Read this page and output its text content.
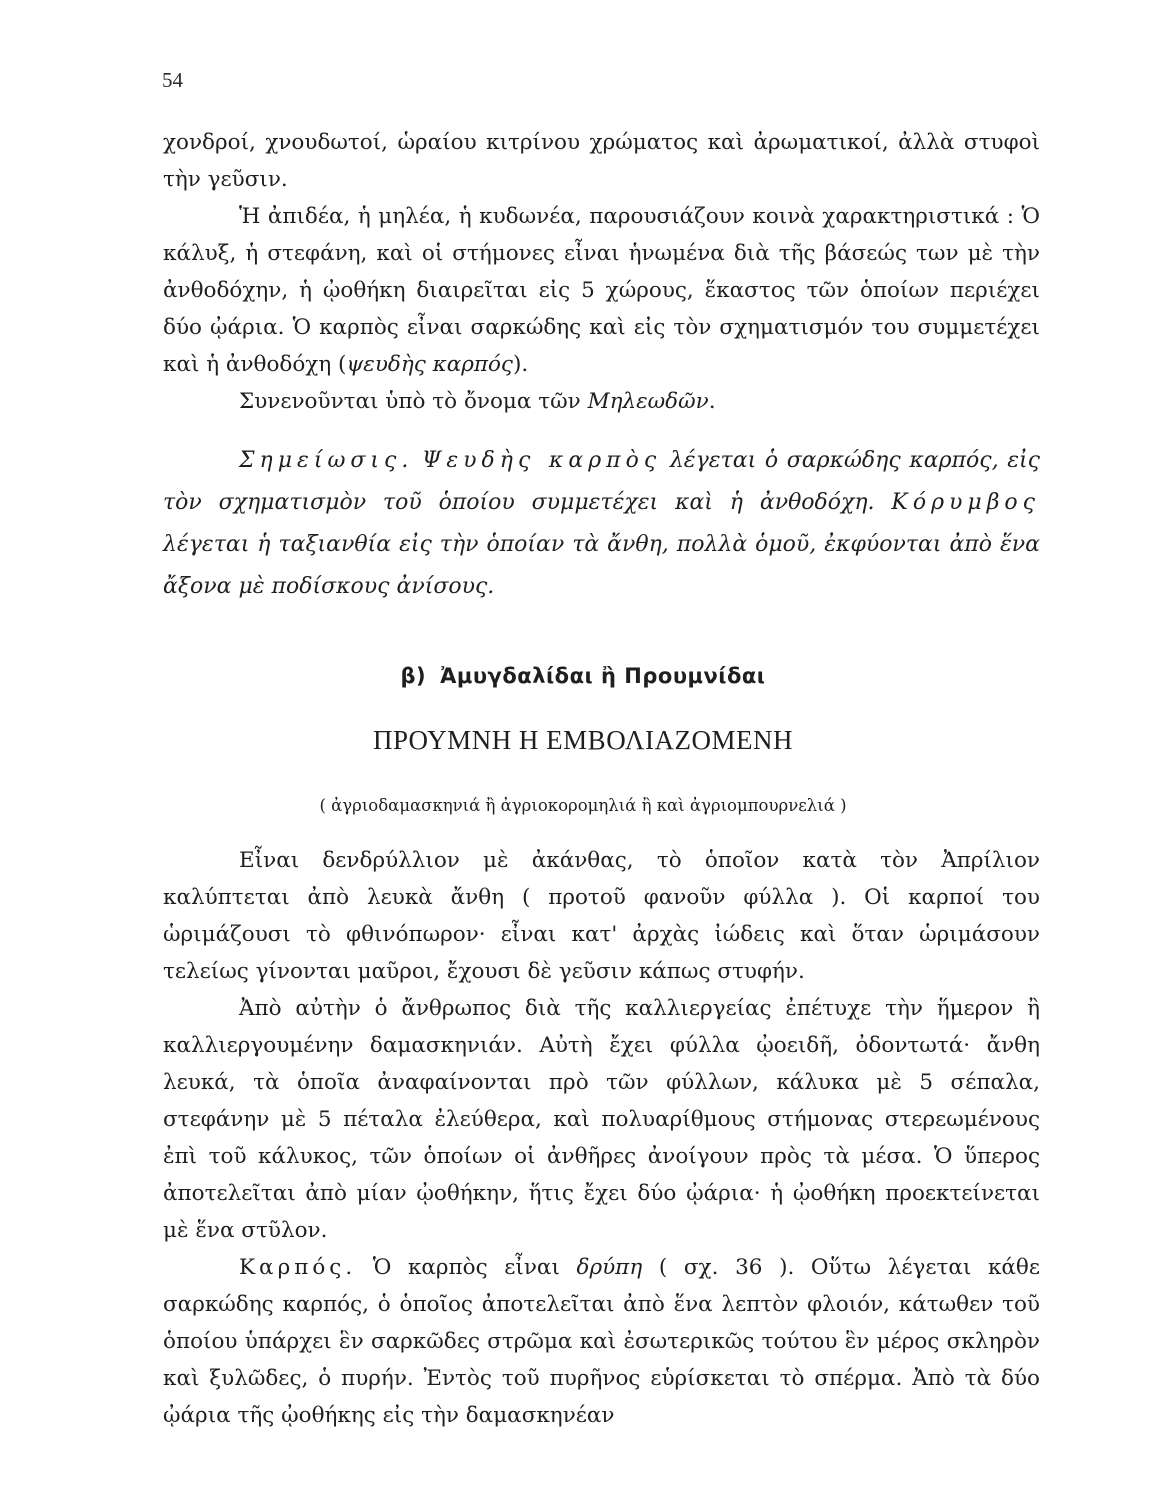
54

χονδροί, χνουδωτοί, ὡραίου κιτρίνου χρώματος καὶ ἀρωματικοί, ἀλλὰ στυφοὶ τὴν γεῦσιν.

Ἡ ἀπιδέα, ἡ μηλέα, ἡ κυδωνέα, παρουσιάζουν κοινὰ χαρακτηριστικά : Ὁ κάλυξ, ἡ στεφάνη, καὶ οἱ στήμονες εἶναι ἡνωμένα διὰ τῆς βάσεώς των μὲ τὴν ἀνθοδόχην, ἡ ᾠοθήκη διαιρεῖται εἰς 5 χώρους, ἕκαστος τῶν ὁποίων περιέχει δύο ᾠάρια. Ὁ καρπὸς εἶναι σαρκώδης καὶ εἰς τὸν σχηματισμόν του συμμετέχει καὶ ἡ ἀνθοδόχη (ψευδὴς καρπός).

Συνενοῦνται ὑπὸ τὸ ὄνομα τῶν Μηλεωδῶν.

Σημείωσις. Ψευδὴς καρπὸς λέγεται ὁ σαρκώδης καρπός, εἰς τὸν σχηματισμὸν τοῦ ὁποίου συμμετέχει καὶ ἡ ἀνθοδόχη. Κόρυμβος λέγεται ἡ ταξιανθία εἰς τὴν ὁποίαν τὰ ἄνθη, πολλὰ ὁμοῦ, ἐκφύονται ἀπὸ ἕνα ἄξονα μὲ ποδίσκους ἀνίσους.
β) Ἀμυγδαλίδαι ἢ Προυμνίδαι
ΠΡΟΥΜΝΗ Η ΕΜΒΟΛΙΑΖΟΜΕΝΗ
( ἀγριοδαμασκηνιά ἢ ἀγριοκορομηλιά ἢ καὶ ἀγριομπουρνελιά )

Εἶναι δενδρύλλιον μὲ ἀκάνθας, τὸ ὁποῖον κατὰ τὸν Ἀπρίλιον καλύπτεται ἀπὸ λευκὰ ἄνθη ( προτοῦ φανοῦν φύλλα ). Οἱ καρποί του ὡριμάζουσι τὸ φθινόπωρον· εἶναι κατ' ἀρχὰς ἰώδεις καὶ ὅταν ὡριμάσουν τελείως γίνονται μαῦροι, ἔχουσι δὲ γεῦσιν κάπως στυφήν.

Ἀπὸ αὐτὴν ὁ ἄνθρωπος διὰ τῆς καλλιεργείας ἐπέτυχε τὴν ἥμερον ἢ καλλιεργουμένην δαμασκηνιάν. Αὐτὴ ἔχει φύλλα ᾠοειδῆ, ὀδοντωτά· ἄνθη λευκά, τὰ ὁποῖα ἀναφαίνονται πρὸ τῶν φύλλων, κάλυκα μὲ 5 σέπαλα, στεφάνην μὲ 5 πέταλα ἐλεύθερα, καὶ πολυαρίθμους στήμονας στερεωμένους ἐπὶ τοῦ κάλυκος, τῶν ὁποίων οἱ ἀνθῆρες ἀνοίγουν πρὸς τὰ μέσα. Ὁ ὕπερος ἀποτελεῖται ἀπὸ μίαν ᾠοθήκην, ἥτις ἔχει δύο ᾠάρια· ἡ ᾠοθήκη προεκτείνεται μὲ ἕνα στῦλον.

Καρπός. Ὁ καρπὸς εἶναι δρύπη ( σχ. 36 ). Οὕτω λέγεται κάθε σαρκώδης καρπός, ὁ ὁποῖος ἀποτελεῖται ἀπὸ ἕνα λεπτὸν φλοιόν, κάτωθεν τοῦ ὁποίου ὑπάρχει ἓν σαρκῶδες στρῶμα καὶ ἐσωτερικῶς τούτου ἓν μέρος σκληρὸν καὶ ξυλῶδες, ὁ πυρήν. Ἐντὸς τοῦ πυρῆνος εὑρίσκεται τὸ σπέρμα. Ἀπὸ τὰ δύο ᾠάρια τῆς ᾠοθήκης εἰς τὴν δαμασκηνέαν
